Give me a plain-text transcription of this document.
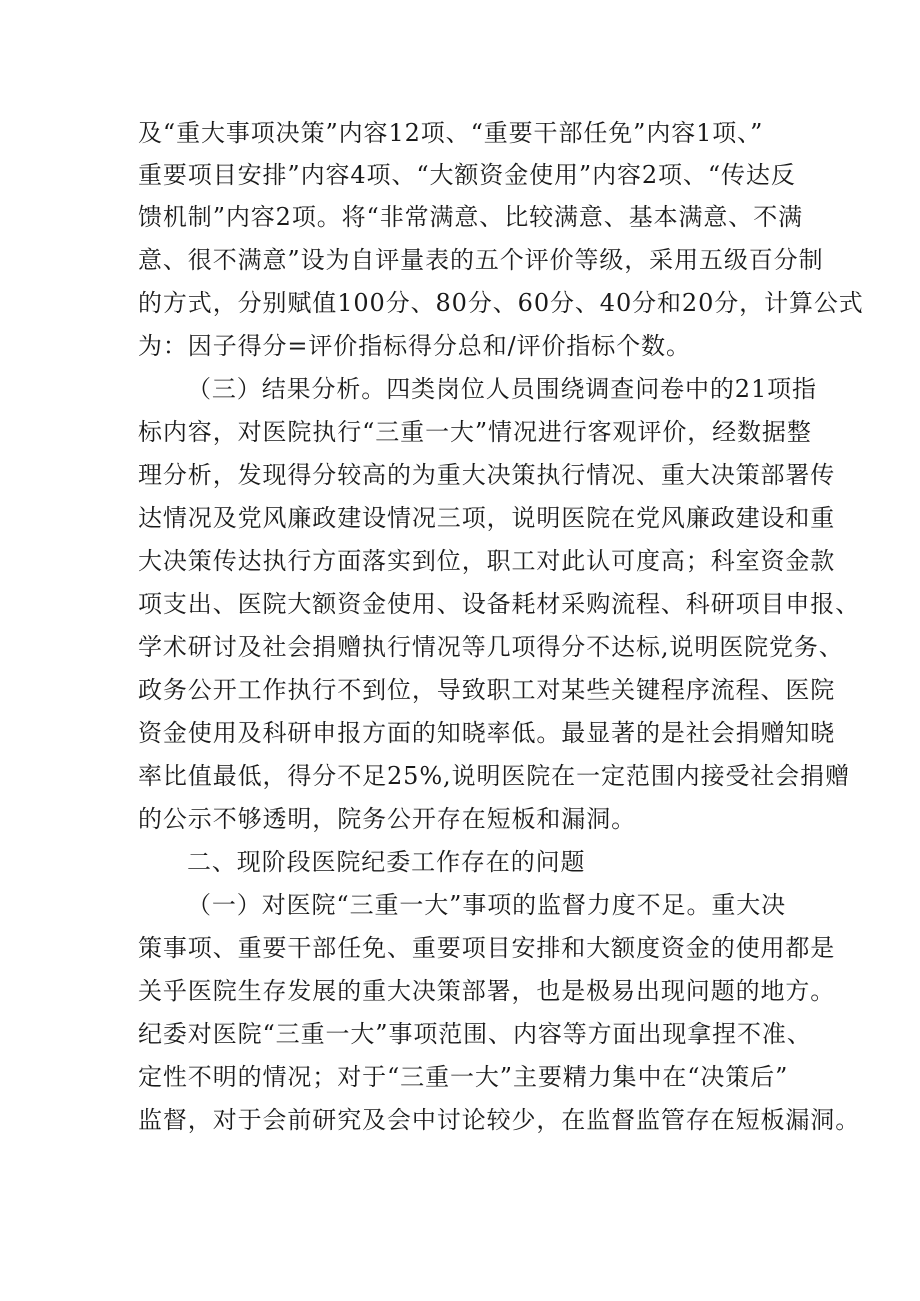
及“重大事项决策”内容12项、“重要干部任免”内容1项、”
重要项目安排”内容4项、“大额资金使用”内容2项、“传达反
馈机制”内容2项。将“非常满意、比较满意、基本满意、不满
意、很不满意”设为自评量表的五个评价等级，采用五级百分制
的方式，分别赋值100分、80分、60分、40分和20分，计算公式
为：因子得分=评价指标得分总和/评价指标个数。
（三）结果分析。四类岗位人员围绕调查问卷中的21项指
标内容，对医院执行“三重一大”情况进行客观评价，经数据整
理分析，发现得分较高的为重大决策执行情况、重大决策部署传
达情况及党风廉政建设情况三项，说明医院在党风廉政建设和重
大决策传达执行方面落实到位，职工对此认可度高；科室资金款
项支出、医院大额资金使用、设备耗材采购流程、科研项目申报、
学术研讨及社会捐赠执行情况等几项得分不达标,说明医院党务、
政务公开工作执行不到位，导致职工对某些关键程序流程、医院
资金使用及科研申报方面的知晓率低。最显著的是社会捐赠知晓
率比值最低，得分不足25%,说明医院在一定范围内接受社会捐赠
的公示不够透明，院务公开存在短板和漏洞。
二、现阶段医院纪委工作存在的问题
（一）对医院“三重一大”事项的监督力度不足。重大决
策事项、重要干部任免、重要项目安排和大额度资金的使用都是
关乎医院生存发展的重大决策部署，也是极易出现问题的地方。
纪委对医院“三重一大”事项范围、内容等方面出现拿捏不准、
定性不明的情况；对于“三重一大”主要精力集中在“决策后”
监督，对于会前研究及会中讨论较少，在监督监管存在短板漏洞。
